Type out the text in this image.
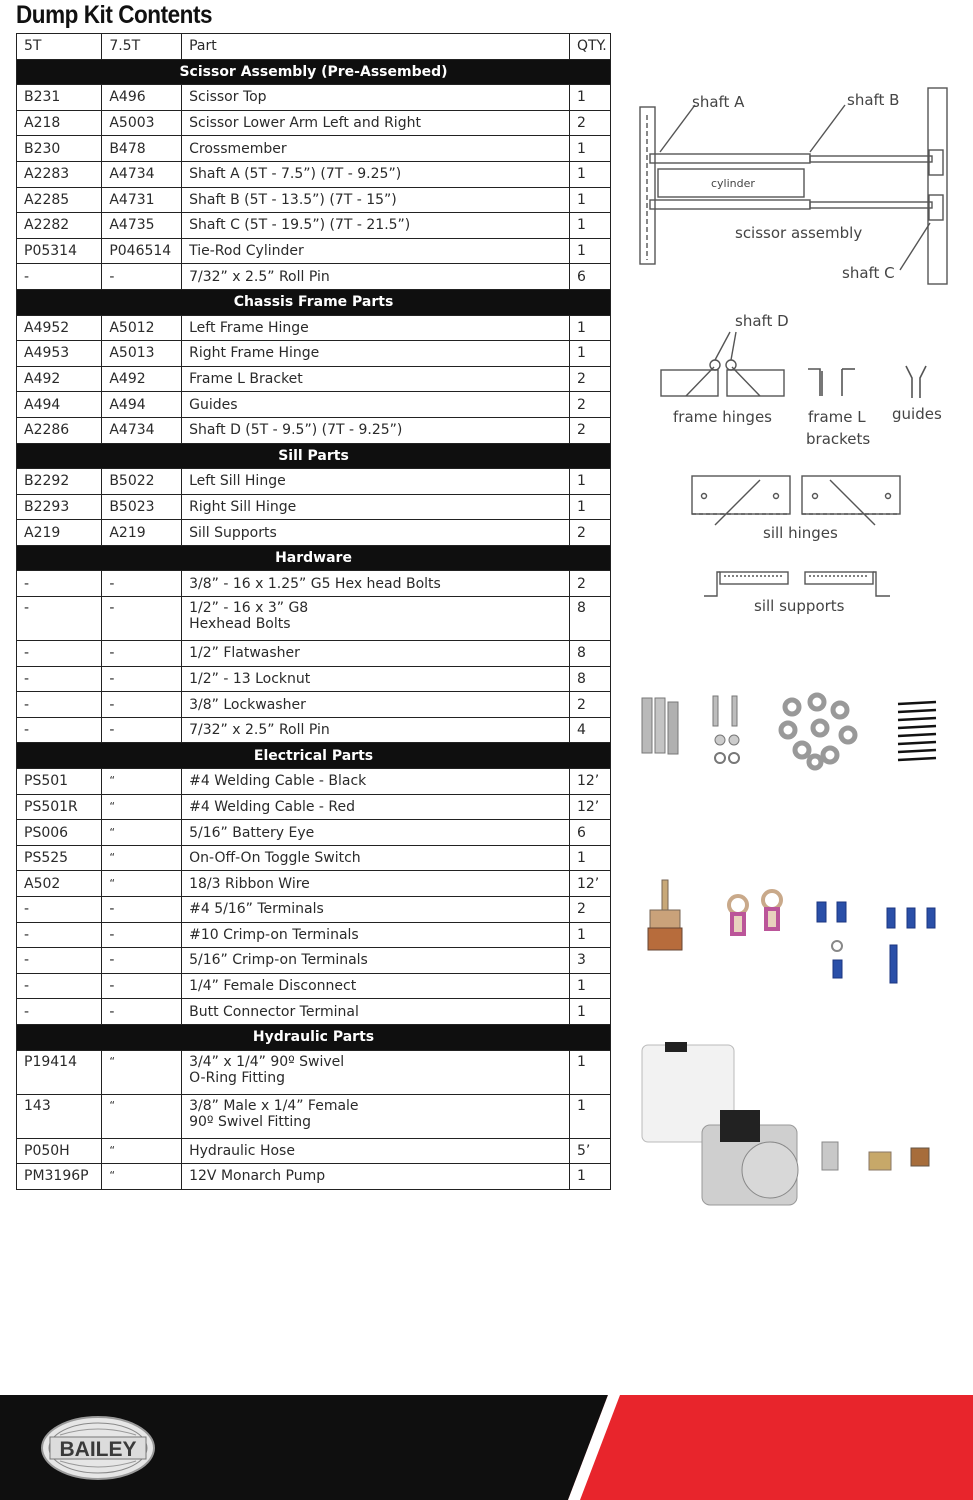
Dump Kit Contents
5T	7.5T	Part	QTY.
Scissor Assembly (Pre-Assembed)			
B231	A496	Scissor Top	1
A218	A5003	Scissor Lower Arm Left and Right	2
B230	B478	Crossmember	1
A2283	A4734	Shaft A (5T - 7.5”) (7T - 9.25”)	1
A2285	A4731	Shaft B (5T - 13.5”) (7T - 15”)	1
A2282	A4735	Shaft C (5T - 19.5”) (7T - 21.5”)	1
P05314	P046514	Tie-Rod Cylinder	1
-	-	7/32” x 2.5” Roll Pin	6
Chassis Frame Parts			
A4952	A5012	Left Frame Hinge	1
A4953	A5013	Right Frame Hinge	1
A492	A492	Frame L Bracket	2
A494	A494	Guides	2
A2286	A4734	Shaft D (5T - 9.5”) (7T - 9.25”)	2
Sill Parts			
B2292	B5022	Left Sill Hinge	1
B2293	B5023	Right Sill Hinge	1
A219	A219	Sill Supports	2
Hardware			
-	-	3/8” - 16 x 1.25” G5 Hex head Bolts	2
-	-	1/2” - 16 x 3” G8
Hexhead Bolts	8
-	-	1/2” Flatwasher	8
-	-	1/2” - 13 Locknut	8
-	-	3/8” Lockwasher	2
-	-	7/32” x 2.5” Roll Pin	4
Electrical Parts			
PS501	“	#4 Welding Cable - Black	12’
PS501R	“	#4 Welding Cable - Red	12’
PS006	“	5/16” Battery Eye	6
PS525	“	On-Off-On Toggle Switch	1
A502	“	18/3 Ribbon Wire	12’
-	-	#4 5/16” Terminals	2
-	-	#10 Crimp-on Terminals	1
-	-	5/16” Crimp-on Terminals	3
-	-	1/4” Female Disconnect	1
-	-	Butt Connector Terminal	1
Hydraulic Parts			
P19414	“	3/4” x 1/4” 90º Swivel
O-Ring Fitting	1
143	“	3/8” Male x 1/4” Female
90º Swivel Fitting	1
P050H	“	Hydraulic Hose	5’
PM3196P	“	12V Monarch Pump	1
shaft A	shaft B
cylinder
scissor assembly
shaft C
shaft D
frame hinges frame L
brackets
guides
sill hinges
sill supports
BAILEY
